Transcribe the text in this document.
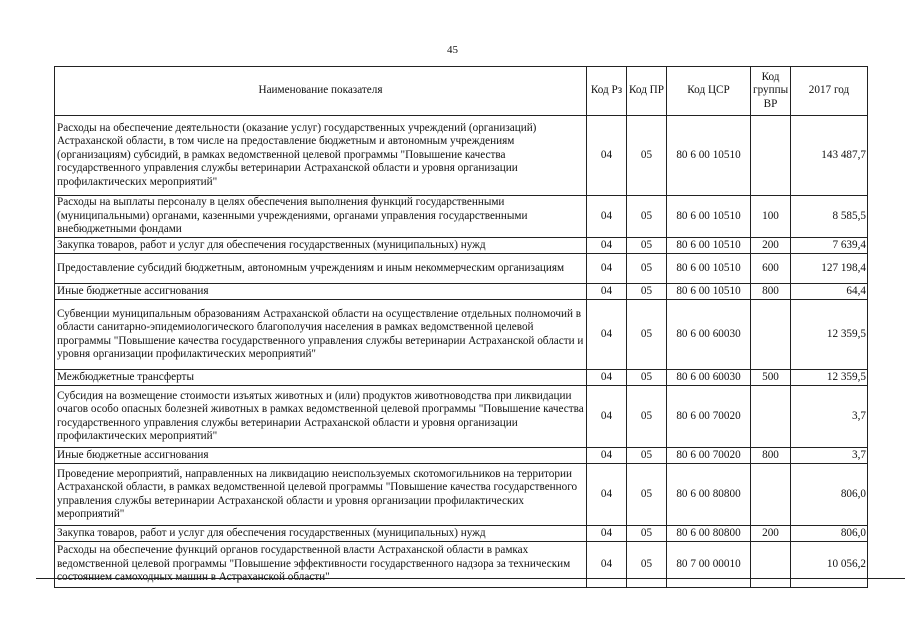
45
Наименование показателя	Код Рз	Код ПР	Код ЦСР	Код группы ВР	2017 год
Расходы на обеспечение деятельности (оказание услуг) государственных учреждений (организаций) Астраханской области, в том числе на предоставление бюджетным и автономным учреждениям (организациям) субсидий, в рамках ведомственной целевой программы "Повышение качества государственного управления службы ветеринарии Астраханской области и уровня организации профилактических мероприятий"	04	05	80 6 00 10510		143 487,7
Расходы на выплаты персоналу в целях обеспечения выполнения функций государственными (муниципальными) органами, казенными учреждениями, органами управления государственными внебюджетными фондами	04	05	80 6 00 10510	100	8 585,5
Закупка товаров, работ и услуг для обеспечения государственных (муниципальных) нужд	04	05	80 6 00 10510	200	7 639,4
Предоставление субсидий бюджетным, автономным учреждениям и иным некоммерческим организациям	04	05	80 6 00 10510	600	127 198,4
Иные бюджетные ассигнования	04	05	80 6 00 10510	800	64,4
Субвенции муниципальным образованиям Астраханской области на осуществление отдельных полномочий в области санитарно-эпидемиологического благополучия населения в рамках ведомственной целевой программы "Повышение качества государственного управления службы ветеринарии Астраханской области и уровня организации профилактических мероприятий"	04	05	80 6 00 60030		12 359,5
Межбюджетные трансферты	04	05	80 6 00 60030	500	12 359,5
Субсидия на возмещение стоимости изъятых животных и (или) продуктов животноводства при ликвидации очагов особо опасных болезней животных в рамках ведомственной целевой программы "Повышение качества государственного управления службы ветеринарии Астраханской области и уровня организации профилактических мероприятий"	04	05	80 6 00 70020		3,7
Иные бюджетные ассигнования	04	05	80 6 00 70020	800	3,7
Проведение мероприятий, направленных на ликвидацию неиспользуемых скотомогильников на территории Астраханской области, в рамках ведомственной целевой программы "Повышение качества государственного управления службы ветеринарии Астраханской области и уровня организации профилактических мероприятий"	04	05	80 6 00 80800		806,0
Закупка товаров, работ и услуг для обеспечения государственных (муниципальных) нужд	04	05	80 6 00 80800	200	806,0
Расходы на обеспечение функций органов государственной власти Астраханской области в рамках ведомственной целевой программы "Повышение эффективности государственного надзора за техническим состоянием самоходных машин в Астраханской области"	04	05	80 7 00 00010		10 056,2
